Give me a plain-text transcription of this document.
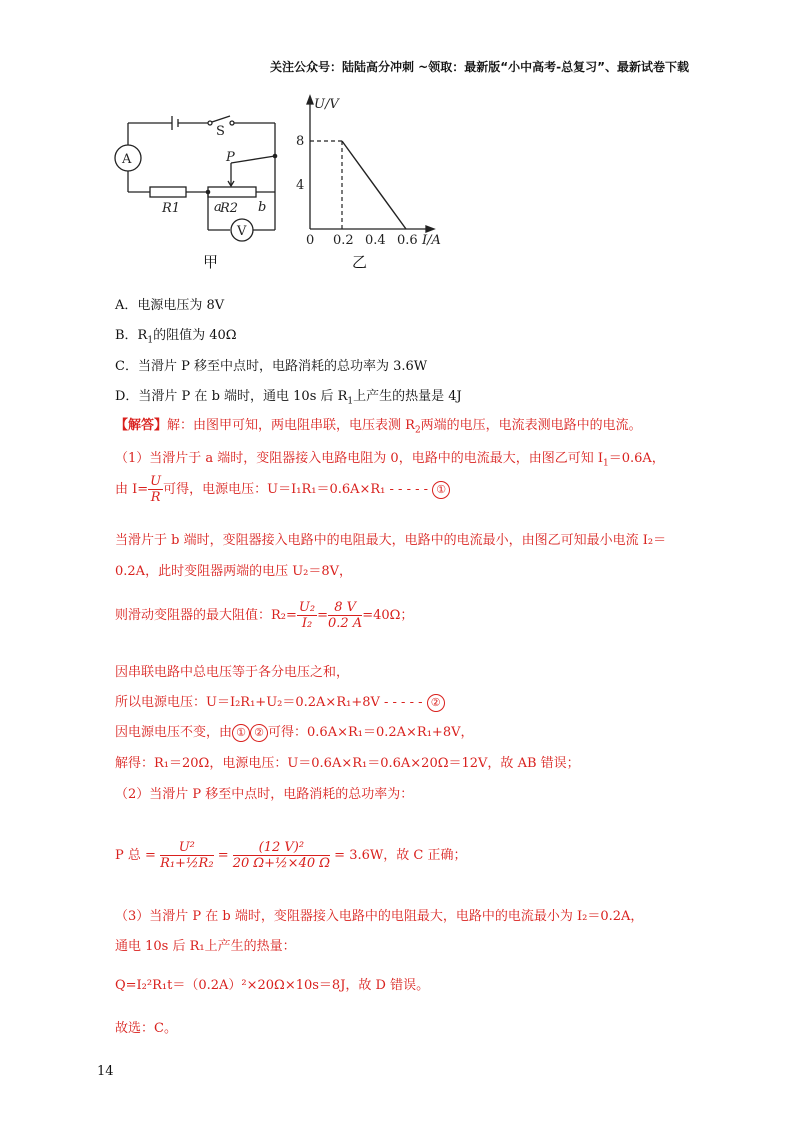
关注公众号：陆陆高分冲刺 ~领取：最新版“小中高考-总复习”、最新试卷下载
A
S
P
R1	R2
a	b
V
甲
8
4
0 0.2 0.4 0.6
U/V
I/A
乙
A．电源电压为 8V
B．$R_1$的阻值为 40Ω
C．当滑片 P 移至中点时，电路消耗的总功率为 3.6W
D．当滑片 P 在 b 端时，通电 10s 后 $R_1$上产生的热量是 4J
【解答】解：由图甲可知，两电阻串联，电压表测 $R_2$两端的电压，电流表测电路中的电流。
（1）当滑片于 a 端时，变阻器接入电路电阻为 0，电路中的电流最大，由图乙可知 $I_1=0.6A$，
由 $I= \frac{U}{R}$ 可得，电源电压：U＝I₁R₁＝0.6A×R₁ - - - - - ①
当滑片于 b 端时，变阻器接入电路中的电阻最大，电路中的电流最小，由图乙可知最小电流 I₂＝
0.2A，此时变阻器两端的电压 U₂＝8V，
则滑动变阻器的最大阻值：$R_2= \frac{\text{U₂}}{\text{I₂}} = \frac{8 V}{0.2 A} =40\Omega$；
因串联电路中总电压等于各分电压之和，
所以电源电压：U＝I₂R₁+U₂＝0.2A×R₁+8V - - - - - ②
因电源电压不变，由 ① ② 可得：0.6A×R₁＝0.2A×R₁+8V，
解得：R₁＝20Ω，电源电压：U＝0.6A×R₁＝0.6A×20Ω＝12V，故 AB 错误；
（2）当滑片 P 移至中点时，电路消耗的总功率为：
P 总 = $\frac{\text{U²}}{\text{R₁+½R₂}} = \frac{\text{(12 V)²}}{\text{20 Ω+½×40 Ω}} = 3.6W$，故 C 正确；
（3）当滑片 P 在 b 端时，变阻器接入电路中的电阻最大，电路中的电流最小为 I₂＝0.2A，
通电 10s 后 R₁上产生的热量：
Q=I₂²R₁t＝（0.2A）²×20Ω×10s＝8J，故 D 错误。
故选：C。
14
